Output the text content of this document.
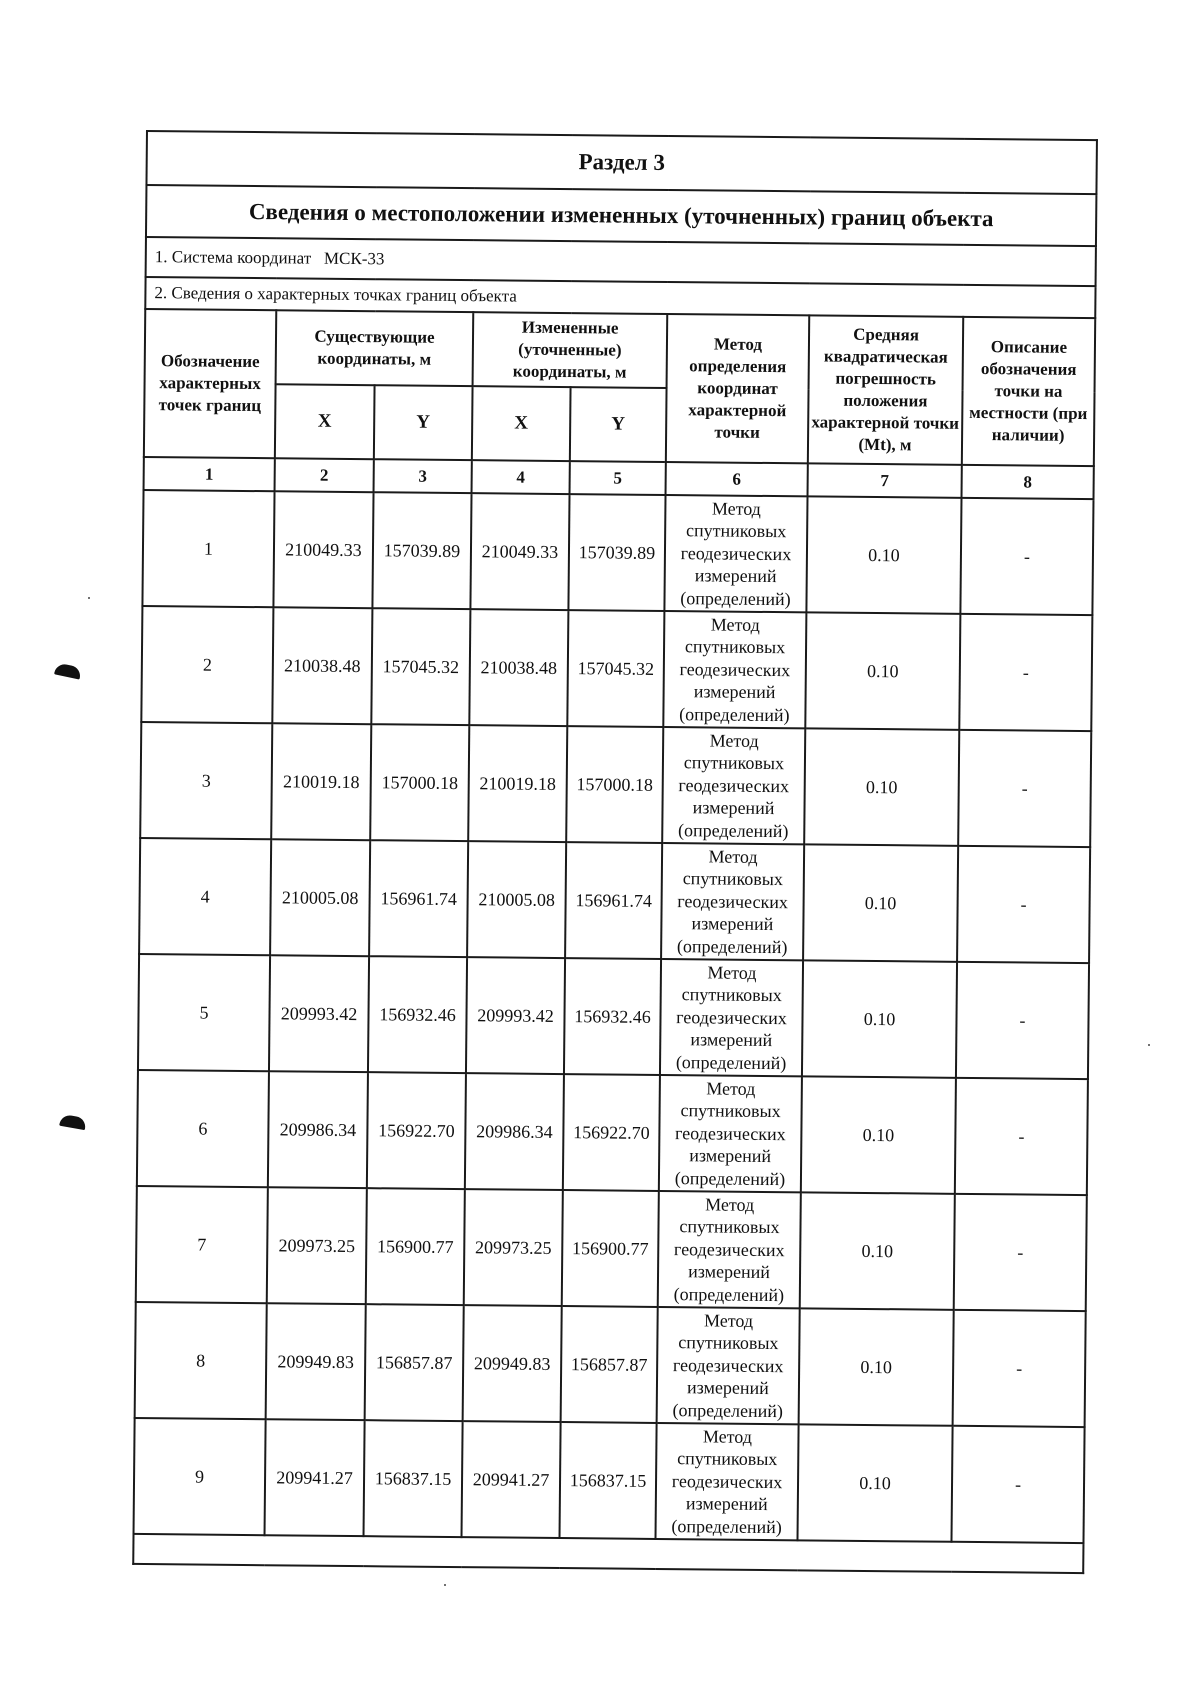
Раздел 3							
Сведения о местоположении измененных (уточненных) границ объекта							
1. Система координат   МСК-33							
2. Сведения о характерных точках границ объекта							
Обозначение характерных точек границ	Существующие координаты, м		Измененные (уточненные) координаты, м		Метод определения координат характерной точки	Средняя квадратическая погрешность положения характерной точки (Mt), м	Описание обозначения точки на местности (при наличии)
	X	Y	X	Y			
1	2	3	4	5	6	7	8
1	210049.33	157039.89	210049.33	157039.89	Метод спутниковых геодезических измерений (определений)	0.10	-
2	210038.48	157045.32	210038.48	157045.32	Метод спутниковых геодезических измерений (определений)	0.10	-
3	210019.18	157000.18	210019.18	157000.18	Метод спутниковых геодезических измерений (определений)	0.10	-
4	210005.08	156961.74	210005.08	156961.74	Метод спутниковых геодезических измерений (определений)	0.10	-
5	209993.42	156932.46	209993.42	156932.46	Метод спутниковых геодезических измерений (определений)	0.10	-
6	209986.34	156922.70	209986.34	156922.70	Метод спутниковых геодезических измерений (определений)	0.10	-
7	209973.25	156900.77	209973.25	156900.77	Метод спутниковых геодезических измерений (определений)	0.10	-
8	209949.83	156857.87	209949.83	156857.87	Метод спутниковых геодезических измерений (определений)	0.10	-
9	209941.27	156837.15	209941.27	156837.15	Метод спутниковых геодезических измерений (определений)	0.10	-
